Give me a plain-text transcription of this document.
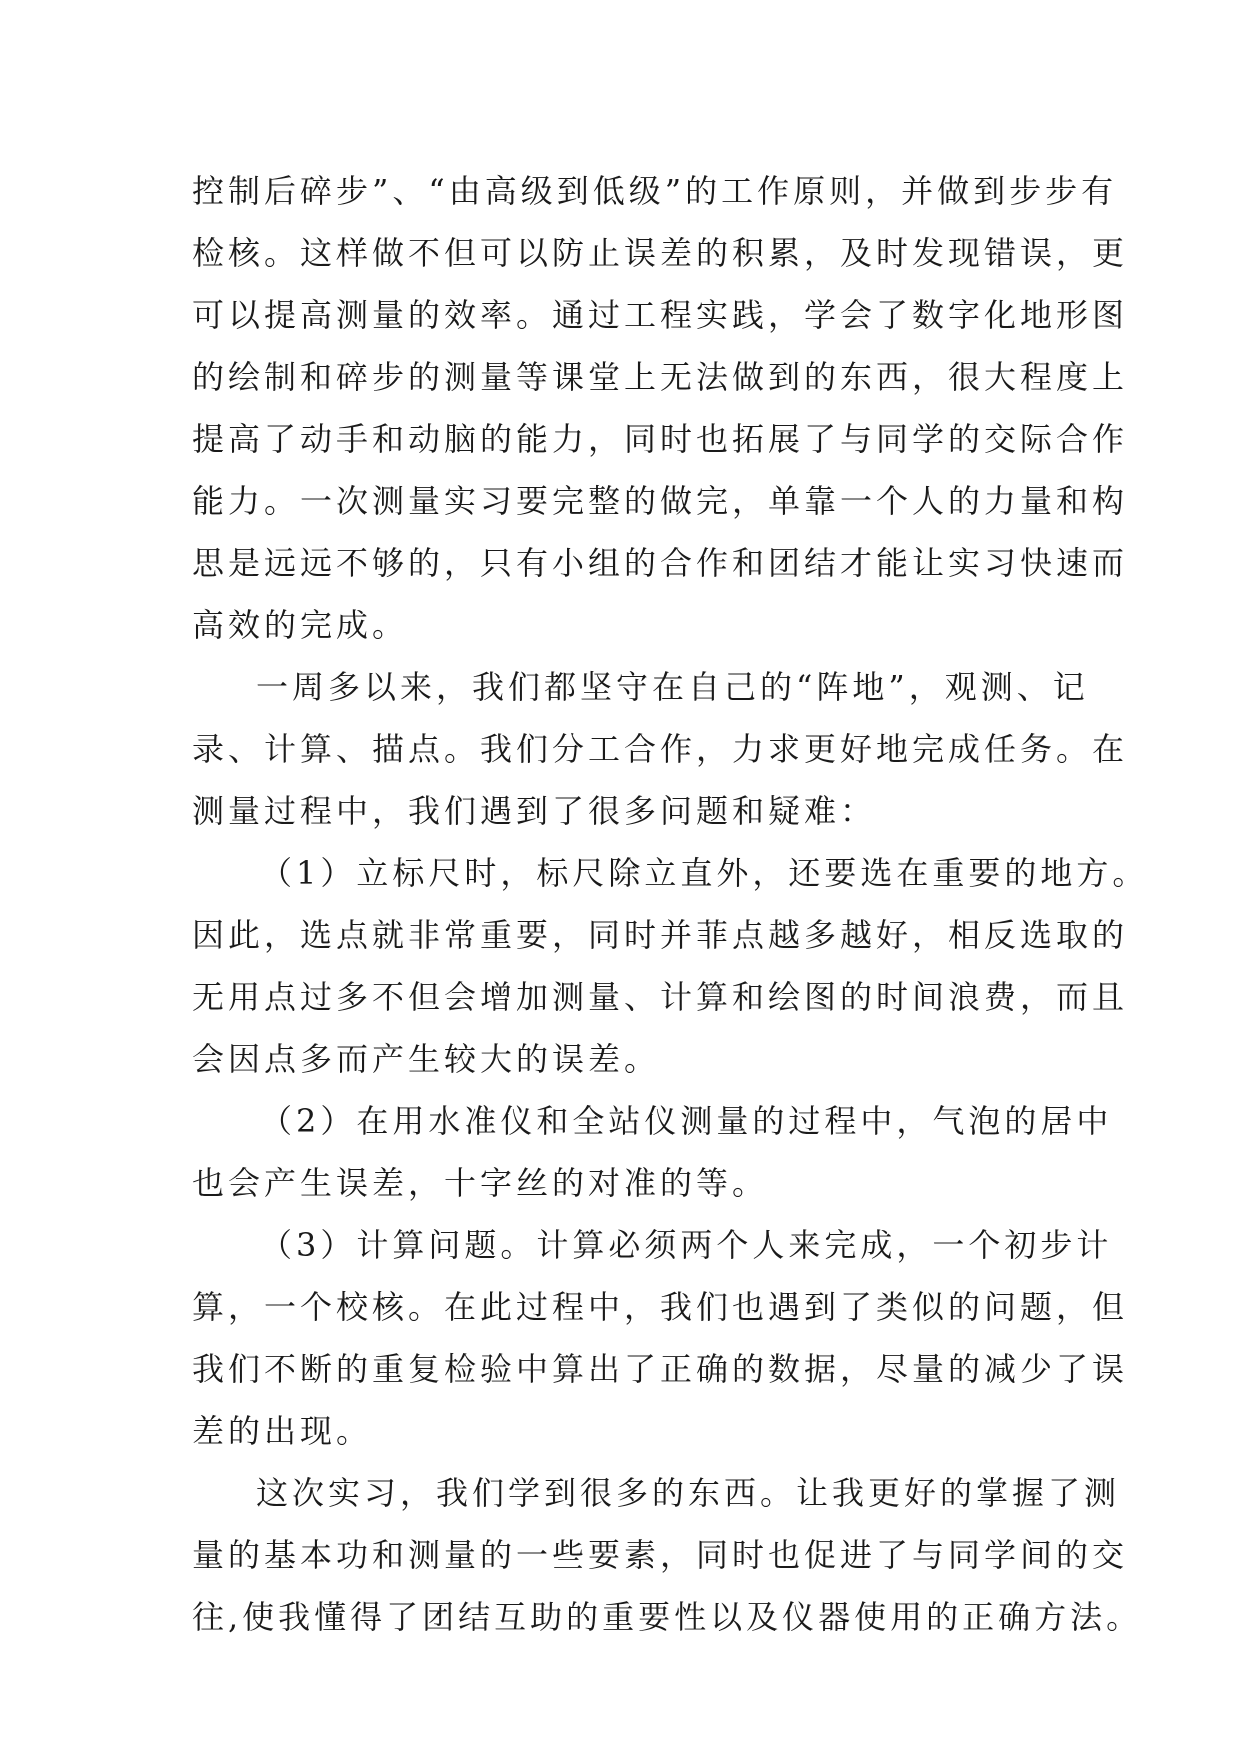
控制后碎步”、“由高级到低级”的工作原则，并做到步步有
检核。这样做不但可以防止误差的积累，及时发现错误，更
可以提高测量的效率。通过工程实践，学会了数字化地形图
的绘制和碎步的测量等课堂上无法做到的东西，很大程度上
提高了动手和动脑的能力，同时也拓展了与同学的交际合作
能力。一次测量实习要完整的做完，单靠一个人的力量和构
思是远远不够的，只有小组的合作和团结才能让实习快速而
高效的完成。
一周多以来，我们都坚守在自己的“阵地”，观测、记
录、计算、描点。我们分工合作，力求更好地完成任务。在
测量过程中，我们遇到了很多问题和疑难：
（1）立标尺时，标尺除立直外，还要选在重要的地方。
因此，选点就非常重要，同时并菲点越多越好，相反选取的
无用点过多不但会增加测量、计算和绘图的时间浪费，而且
会因点多而产生较大的误差。
（2）在用水准仪和全站仪测量的过程中，气泡的居中
也会产生误差，十字丝的对准的等。
（3）计算问题。计算必须两个人来完成，一个初步计
算，一个校核。在此过程中，我们也遇到了类似的问题，但
我们不断的重复检验中算出了正确的数据，尽量的减少了误
差的出现。
这次实习，我们学到很多的东西。让我更好的掌握了测
量的基本功和测量的一些要素，同时也促进了与同学间的交
往,使我懂得了团结互助的重要性以及仪器使用的正确方法。
